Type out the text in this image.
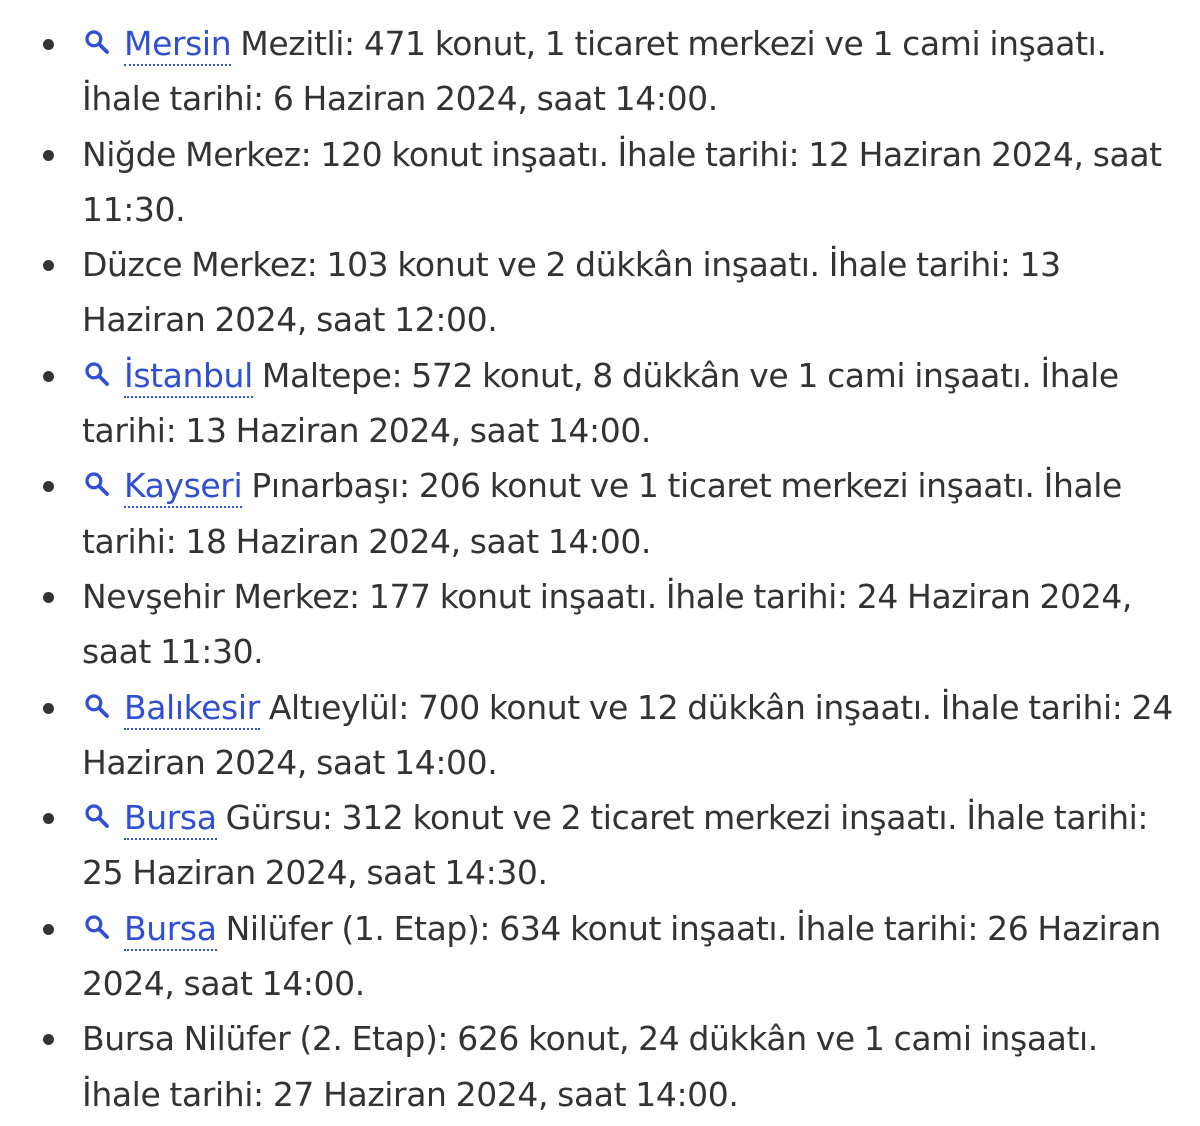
Mersin Mezitli: 471 konut, 1 ticaret merkezi ve 1 cami inşaatı. İhale tarihi: 6 Haziran 2024, saat 14:00.
Niğde Merkez: 120 konut inşaatı. İhale tarihi: 12 Haziran 2024, saat 11:30.
Düzce Merkez: 103 konut ve 2 dükkân inşaatı. İhale tarihi: 13 Haziran 2024, saat 12:00.
İstanbul Maltepe: 572 konut, 8 dükkân ve 1 cami inşaatı. İhale tarihi: 13 Haziran 2024, saat 14:00.
Kayseri Pınarbaşı: 206 konut ve 1 ticaret merkezi inşaatı. İhale tarihi: 18 Haziran 2024, saat 14:00.
Nevşehir Merkez: 177 konut inşaatı. İhale tarihi: 24 Haziran 2024, saat 11:30.
Balıkesir Altıeylül: 700 konut ve 12 dükkân inşaatı. İhale tarihi: 24 Haziran 2024, saat 14:00.
Bursa Gürsu: 312 konut ve 2 ticaret merkezi inşaatı. İhale tarihi: 25 Haziran 2024, saat 14:30.
Bursa Nilüfer (1. Etap): 634 konut inşaatı. İhale tarihi: 26 Haziran 2024, saat 14:00.
Bursa Nilüfer (2. Etap): 626 konut, 24 dükkân ve 1 cami inşaatı. İhale tarihi: 27 Haziran 2024, saat 14:00.
